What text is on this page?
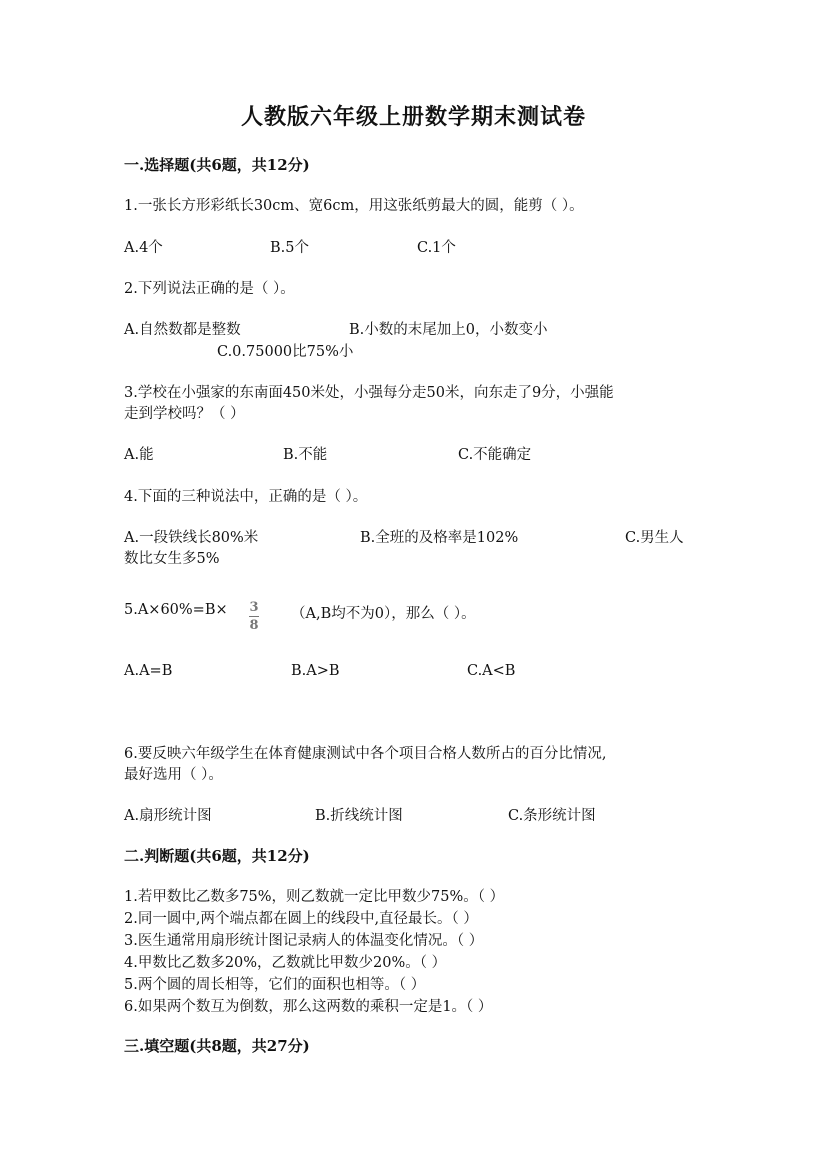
人教版六年级上册数学期末测试卷
一.选择题(共6题，共12分)
1.一张长方形彩纸长30cm、宽6cm，用这张纸剪最大的圆，能剪（ ）。
A.4个	B.5个	C.1个
2.下列说法正确的是（ ）。
A.自然数都是整数	B.小数的末尾加上0，小数变小
C.0.75000比75%小
3.学校在小强家的东南面450米处，小强每分走50米，向东走了9分，小强能
走到学校吗？（ ）
A.能	B.不能	C.不能确定
4.下面的三种说法中，正确的是（ ）。
A.一段铁线长80%米	B.全班的及格率是102%	C.男生人
数比女生多5%
$5.A\times 60\%=B\times \frac{3}{8} (A,B$均不为0），那么（ ）。
A.A=B	B.A>B	C.A<B
6.要反映六年级学生在体育健康测试中各个项目合格人数所占的百分比情况,
最好选用（ ）。
A.扇形统计图	B.折线统计图	C.条形统计图
二.判断题(共6题，共12分)
1.若甲数比乙数多75%，则乙数就一定比甲数少75%。（ ）
2.同一圆中,两个端点都在圆上的线段中,直径最长。（ ）
3.医生通常用扇形统计图记录病人的体温变化情况。（ ）
4.甲数比乙数多20%，乙数就比甲数少20%。（ ）
5.两个圆的周长相等，它们的面积也相等。（ ）
6.如果两个数互为倒数，那么这两数的乘积一定是1。（ ）
三.填空题(共8题，共27分)
